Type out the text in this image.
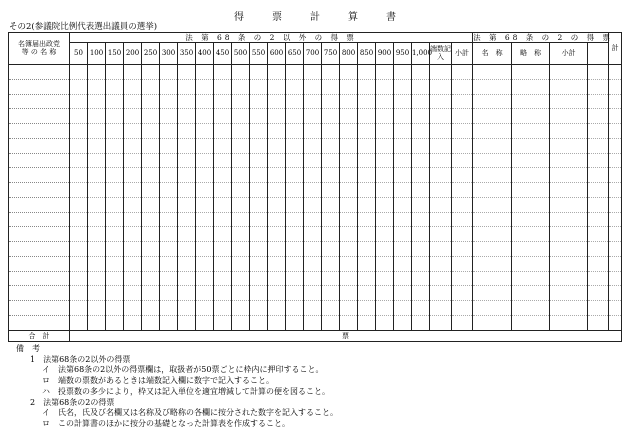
得	票	計	算	書
その2(参議院比例代表選出議員の選挙)
名簿届出政党
等 の 名 称	法 第 68 条 の 2 以 外 の 得 票																						法 第 68 条 の 2 の 得 票				計
	50	100	150	200	250	300	350	400	450	500	550	600	650	700	750	800	850	900	950	1,000	端数記入	小計	名　称	略　称	小計		

合　計	票																										
備　考
1　法第68条の2以外の得票
イ　法第68条の2以外の得票欄は，取扱者が50票ごとに枠内に押印すること。
ロ　端数の票数があるときは端数記入欄に数字で記入すること。
ハ　投票数の多少により，枠又は記入単位を適宜増減して計算の便を図ること。
2　法第68条の2の得票
イ　氏名，氏及び名欄又は名称及び略称の各欄に按分された数字を記入すること。
ロ　この計算書のほかに按分の基礎となった計算表を作成すること。
